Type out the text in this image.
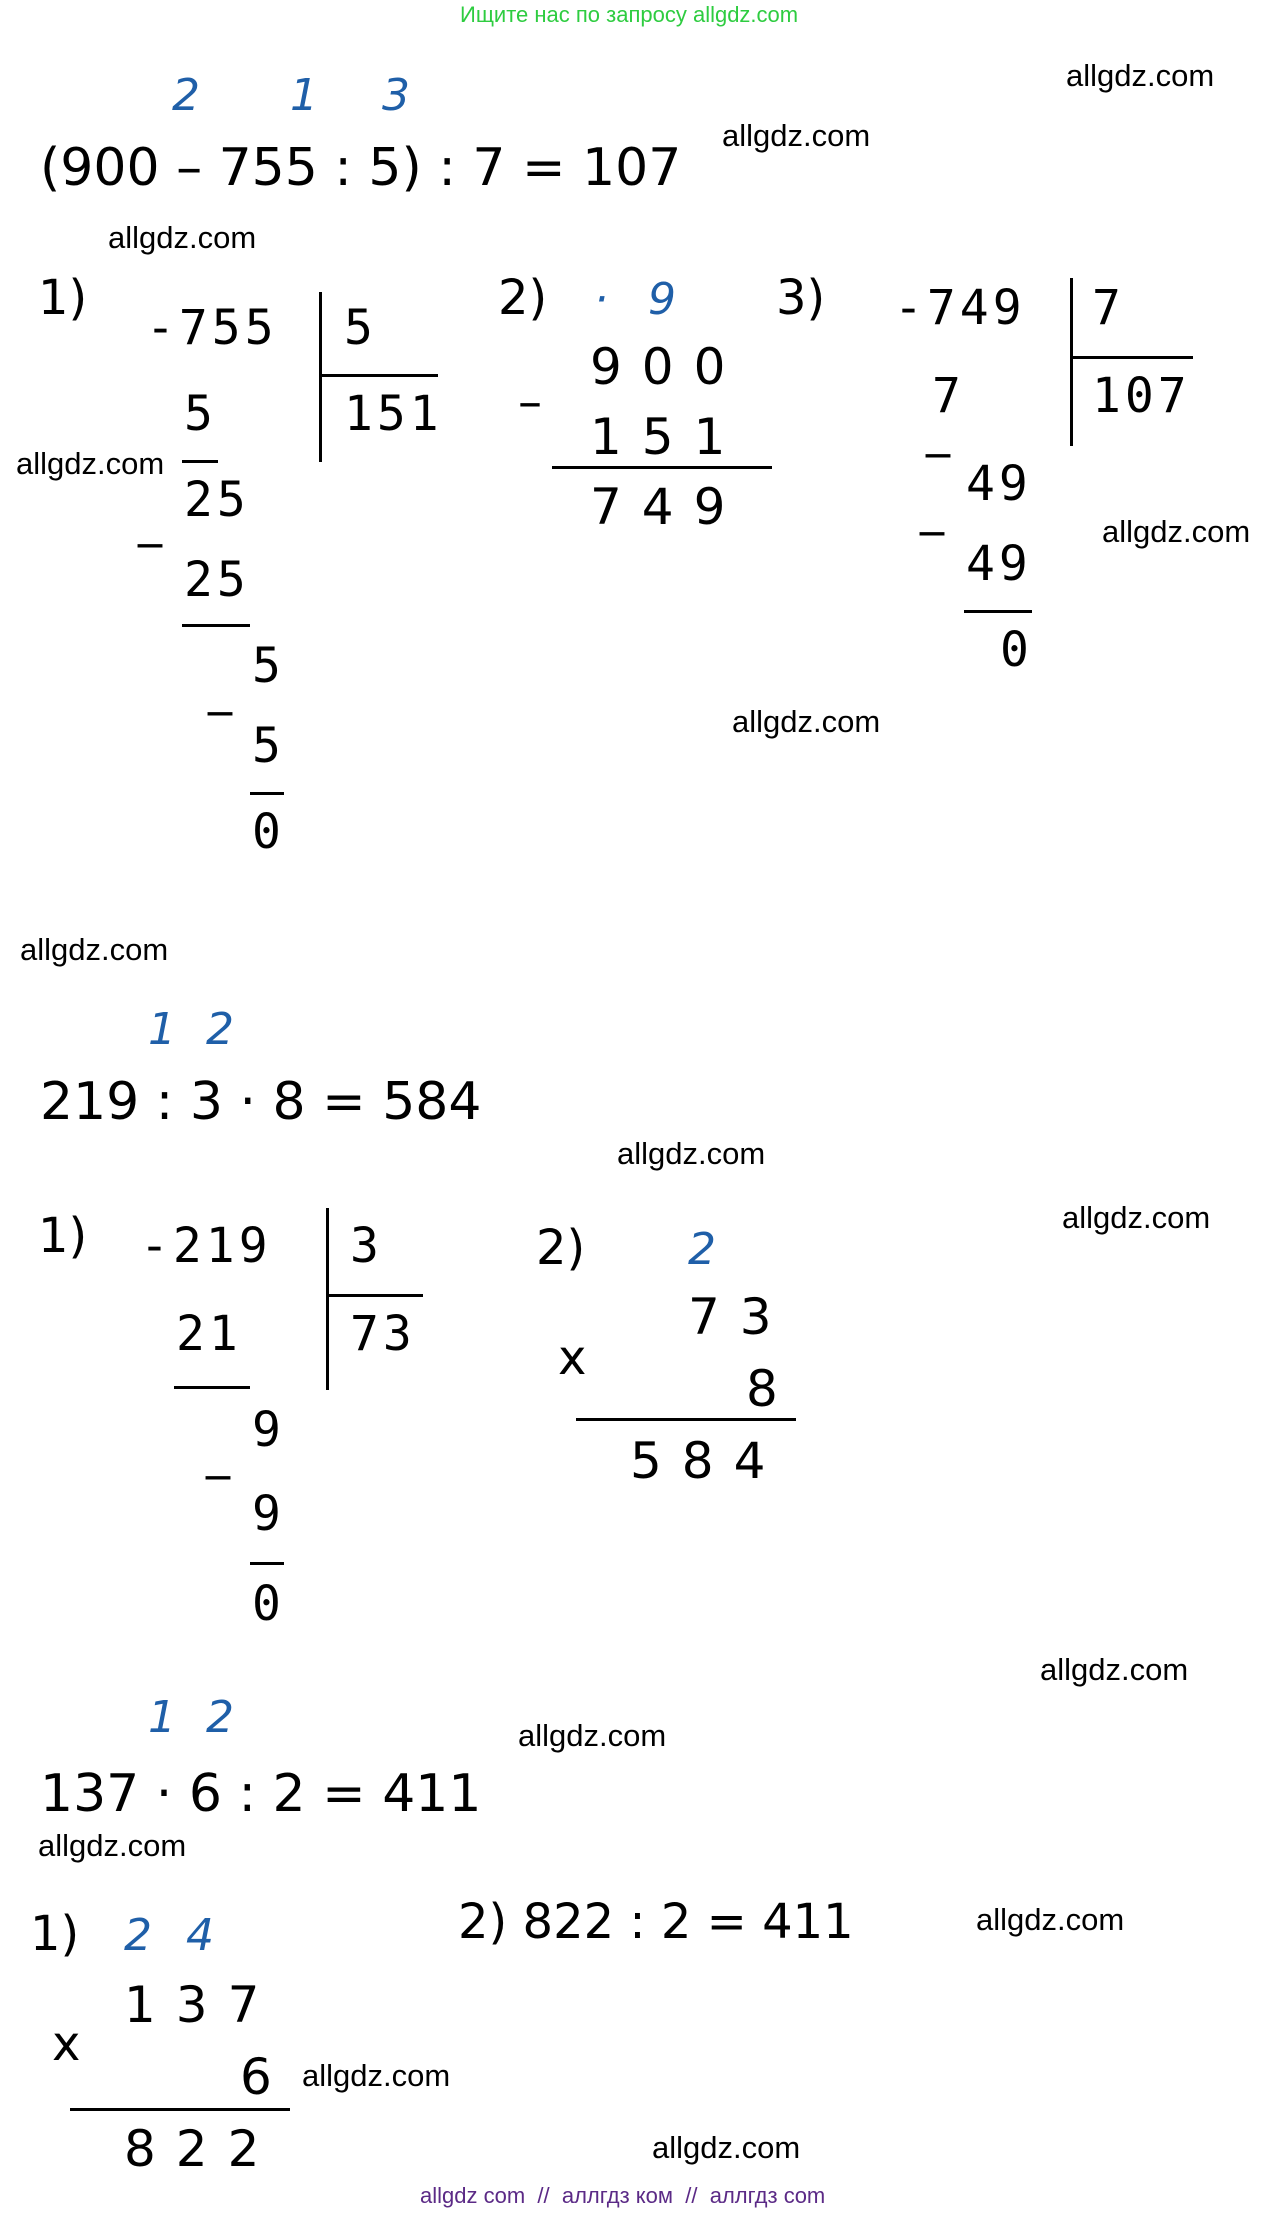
Ищите нас по запросу allgdz.com
allgdz com  //  аллгдз ком  //  аллгдз com
allgdz.com
allgdz.com
allgdz.com
allgdz.com
allgdz.com
allgdz.com
allgdz.com
allgdz.com
allgdz.com
allgdz.com
allgdz.com
allgdz.com
allgdz.com
allgdz.com
allgdz.com
2 1 3
(900 – 755 : 5) : 7 = 107
1)
-755 5
151
5
25
_
25
5
_
5
0
2) · 9
900
–
151
749
3) -749 7
107
7
_
49
_
49
0
1 2
219 : 3 · 8 = 584
1) -219 3
73
21
9
_
9
0
2) 2
73
x
8
584
1 2
137 · 6 : 2 = 411
1) 2 4
137
x
6
822
2) 822 : 2 = 411
